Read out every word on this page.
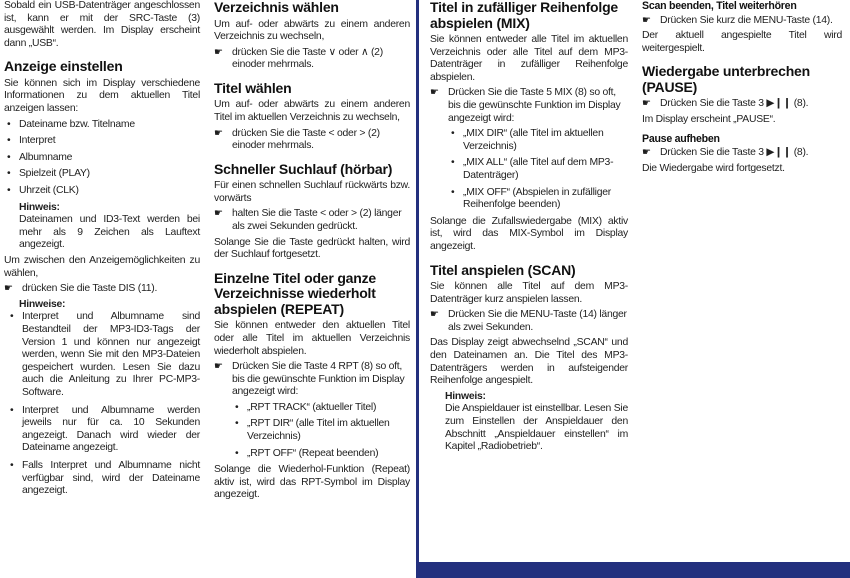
Sobald ein USB-Datenträger angeschlossen ist, kann er mit der SRC-Taste (3) ausgewählt werden. Im Display erscheint dann „USB“.

Anzeige einstellen

Sie können sich im Display verschiedene Informationen zu dem aktuellen Titel anzeigen lassen:

• Dateiname bzw. Titelname
• Interpret
• Albumname
• Spielzeit (PLAY)
• Uhrzeit (CLK)
Hinweis:

Dateinamen und ID3-Text werden bei mehr als 9 Zeichen als Lauftext angezeigt.

Um zwischen den Anzeigemöglichkeiten zu wählen,

☛ drücken Sie die Taste DIS (11).
Hinweise:
• Interpret und Albumname sind Bestandteil der MP3-ID3-Tags der Version 1 und können nur angezeigt werden, wenn Sie mit den MP3-Dateien gespeichert wurden. Lesen Sie dazu auch die Anleitung zu Ihrer PC-MP3-Software.
• Interpret und Albumname werden jeweils nur für ca. 10 Sekunden angezeigt. Danach wird wieder der Dateiname angezeigt.
• Falls Interpret und Albumname nicht verfügbar sind, wird der Dateiname angezeigt.
Verzeichnis wählen

Um auf- oder abwärts zu einem anderen Verzeichnis zu wechseln,

☛ drücken Sie die Taste ∨ oder ∧ (2) einoder mehrmals.
Titel wählen

Um auf- oder abwärts zu einem anderen Titel im aktuellen Verzeichnis zu wechseln,

☛ drücken Sie die Taste < oder > (2) einoder mehrmals.
Schneller Suchlauf (hörbar)

Für einen schnellen Suchlauf rückwärts bzw. vorwärts

☛ halten Sie die Taste < oder > (2) länger als zwei Sekunden gedrückt.

Solange Sie die Taste gedrückt halten, wird der Suchlauf fortgesetzt.

Einzelne Titel oder ganze Verzeichnisse wiederholt abspielen (REPEAT)

Sie können entweder den aktuellen Titel oder alle Titel im aktuellen Verzeichnis wiederholt abspielen.

☛ Drücken Sie die Taste 4 RPT (8) so oft, bis die gewünschte Funktion im Display angezeigt wird:
• „RPT TRACK“ (aktueller Titel)
• „RPT DIR“ (alle Titel im aktuellen Verzeichnis)
• „RPT OFF“ (Repeat beenden)

Solange die Wiederhol-Funktion (Repeat) aktiv ist, wird das RPT-Symbol im Display angezeigt.

Titel in zufälliger Reihenfolge abspielen (MIX)

Sie können entweder alle Titel im aktuellen Verzeichnis oder alle Titel auf dem MP3-Datenträger in zufälliger Reihenfolge abspielen.

☛ Drücken Sie die Taste 5 MIX (8) so oft, bis die gewünschte Funktion im Display angezeigt wird:
• „MIX DIR“ (alle Titel im aktuellen Verzeichnis)
• „MIX ALL“ (alle Titel auf dem MP3-Datenträger)
• „MIX OFF“ (Abspielen in zufälliger Reihenfolge beenden)

Solange die Zufallswiedergabe (MIX) aktiv ist, wird das MIX-Symbol im Display angezeigt.

Titel anspielen (SCAN)

Sie können alle Titel auf dem MP3-Datenträger kurz anspielen lassen.

☛ Drücken Sie die MENU-Taste (14) länger als zwei Sekunden.

Das Display zeigt abwechselnd „SCAN“ und den Dateinamen an. Die Titel des MP3-Datenträgers werden in aufsteigender Reihenfolge angespielt.

Hinweis:

Die Anspieldauer ist einstellbar. Lesen Sie zum Einstellen der Anspieldauer den Abschnitt „Anspieldauer einstellen“ im Kapitel „Radiobetrieb“.

Scan beenden, Titel weiterhören
☛ Drücken Sie kurz die MENU-Taste (14).

Der aktuell angespielte Titel wird weitergespielt.

Wiedergabe unterbrechen (PAUSE)
☛ Drücken Sie die Taste 3 ▶❙❙ (8).

Im Display erscheint „PAUSE“.

Pause aufheben
☛ Drücken Sie die Taste 3 ▶❙❙ (8).

Die Wiedergabe wird fortgesetzt.
